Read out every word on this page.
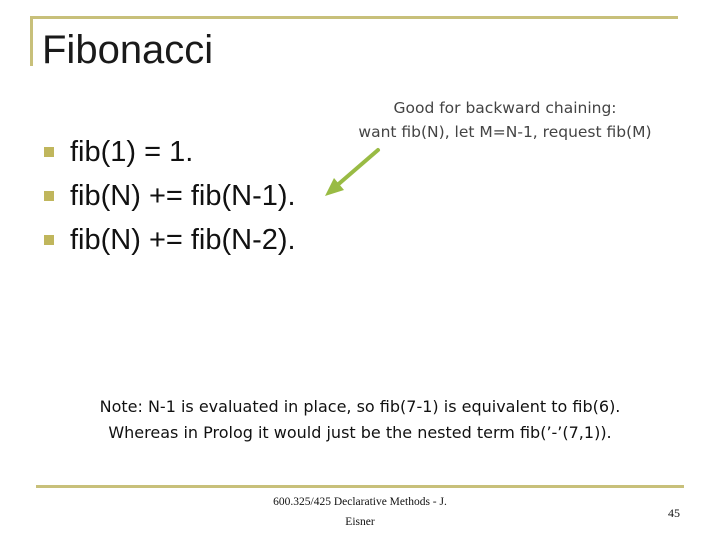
Fibonacci
fib(1) = 1.
fib(N) += fib(N-1).
fib(N) += fib(N-2).
Good for backward chaining:
want fib(N), let M=N-1, request fib(M)
Note: N-1 is evaluated in place, so fib(7-1) is equivalent to fib(6).
Whereas in Prolog it would just be the nested term fib(’-’(7,1)).
600.325/425 Declarative Methods - J.
Eisner
45
